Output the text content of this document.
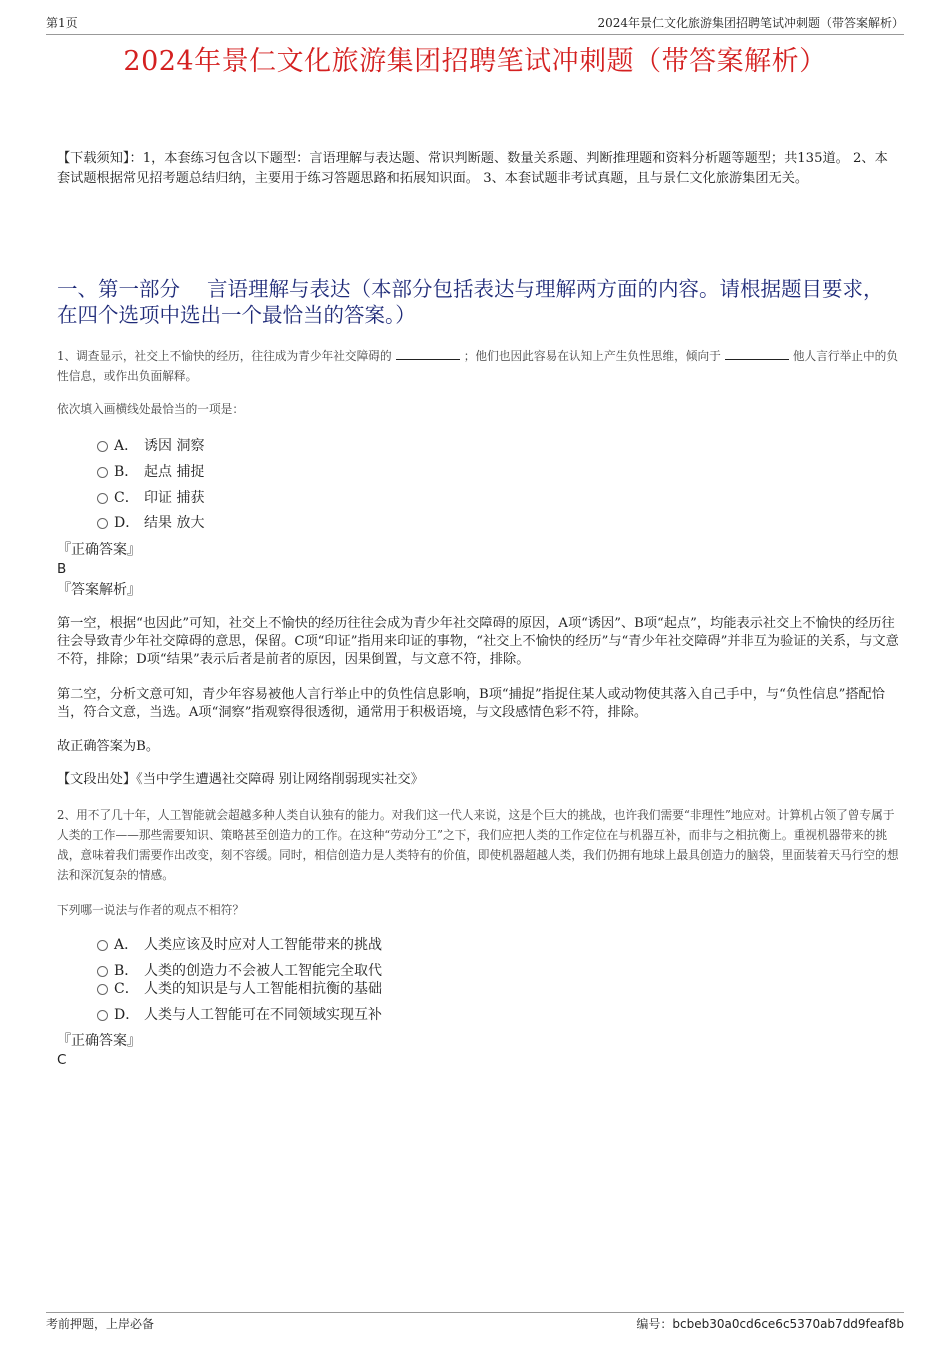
第1页	2024年景仁文化旅游集团招聘笔试冲刺题（带答案解析）
2024年景仁文化旅游集团招聘笔试冲刺题（带答案解析）
【下载须知】：1，本套练习包含以下题型：言语理解与表达题、常识判断题、数量关系题、判断推理题和资料分析题等题型；共135道。 2、本套试题根据常见招考题总结归纳，主要用于练习答题思路和拓展知识面。 3、本套试题非考试真题，且与景仁文化旅游集团无关。
一、第一部分　 言语理解与表达（本部分包括表达与理解两方面的内容。请根据题目要求，在四个选项中选出一个最恰当的答案。）
1、调查显示，社交上不愉快的经历，往往成为青少年社交障碍的	；他们也因此容易在认知上产生负性思维，倾向于	他人言行举止中的负性信息，或作出负面解释。
依次填入画横线处最恰当的一项是：
A． 诱因 洞察
B． 起点 捕捉
C． 印证 捕获
D． 结果 放大
『正确答案』
B
『答案解析』
第一空，根据“也因此”可知，社交上不愉快的经历往往会成为青少年社交障碍的原因，A项“诱因”、B项“起点”，均能表示社交上不愉快的经历往往会导致青少年社交障碍的意思，保留。C项“印证”指用来印证的事物，“社交上不愉快的经历”与“青少年社交障碍”并非互为验证的关系，与文意不符，排除；D项“结果”表示后者是前者的原因，因果倒置，与文意不符，排除。
第二空，分析文意可知，青少年容易被他人言行举止中的负性信息影响，B项“捕捉”指捉住某人或动物使其落入自己手中，与“负性信息”搭配恰当，符合文意，当选。A项“洞察”指观察得很透彻，通常用于积极语境，与文段感情色彩不符，排除。
故正确答案为B。
【文段出处】《当中学生遭遇社交障碍 别让网络削弱现实社交》
2、用不了几十年，人工智能就会超越多种人类自认独有的能力。对我们这一代人来说，这是个巨大的挑战，也许我们需要“非理性”地应对。计算机占领了曾专属于人类的工作——那些需要知识、策略甚至创造力的工作。在这种“劳动分工”之下，我们应把人类的工作定位在与机器互补，而非与之相抗衡上。重视机器带来的挑战，意味着我们需要作出改变，刻不容缓。同时，相信创造力是人类特有的价值，即使机器超越人类，我们仍拥有地球上最具创造力的脑袋，里面装着天马行空的想法和深沉复杂的情感。
下列哪一说法与作者的观点不相符？
A． 人类应该及时应对人工智能带来的挑战
B． 人类的创造力不会被人工智能完全取代
C． 人类的知识是与人工智能相抗衡的基础
D． 人类与人工智能可在不同领域实现互补
『正确答案』
C
考前押题，上岸必备	编号：bcbeb30a0cd6ce6c5370ab7dd9feaf8b
